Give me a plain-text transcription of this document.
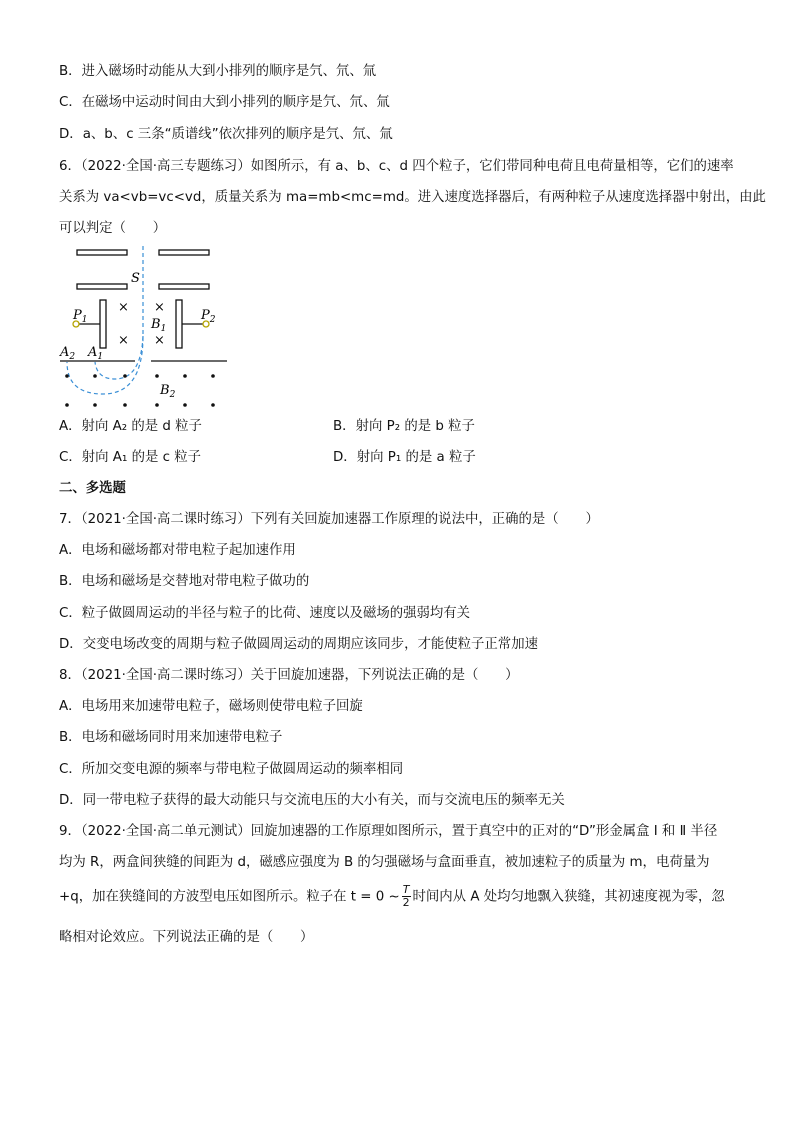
B．进入磁场时动能从大到小排列的顺序是氕、氘、氚
C．在磁场中运动时间由大到小排列的顺序是氕、氘、氚
D．a、b、c 三条“质谱线”依次排列的顺序是氕、氘、氚
6．（2022·全国·高三专题练习）如图所示，有 a、b、c、d 四个粒子，它们带同种电荷且电荷量相等，它们的速率
关系为 va<vb=vc<vd，质量关系为 ma=mb<mc=md。进入速度选择器后，有两种粒子从速度选择器中射出，由此
可以判定（　　）
S
$P_1$	$P_2$
×
×
×
×
$B_1$
$A_2$ $A_1$
$B_2$
A．射向 A₂ 的是 d 粒子	B．射向 P₂ 的是 b 粒子
C．射向 A₁ 的是 c 粒子	D．射向 P₁ 的是 a 粒子
二、多选题
7．（2021·全国·高二课时练习）下列有关回旋加速器工作原理的说法中，正确的是（　　）
A．电场和磁场都对带电粒子起加速作用
B．电场和磁场是交替地对带电粒子做功的
C．粒子做圆周运动的半径与粒子的比荷、速度以及磁场的强弱均有关
D．交变电场改变的周期与粒子做圆周运动的周期应该同步，才能使粒子正常加速
8．（2021·全国·高二课时练习）关于回旋加速器，下列说法正确的是（　　）
A．电场用来加速带电粒子，磁场则使带电粒子回旋
B．电场和磁场同时用来加速带电粒子
C．所加交变电源的频率与带电粒子做圆周运动的频率相同
D．同一带电粒子获得的最大动能只与交流电压的大小有关，而与交流电压的频率无关
9．（2022·全国·高二单元测试）回旋加速器的工作原理如图所示，置于真空中的正对的“D”形金属盒 Ⅰ 和 Ⅱ 半径
均为 R，两盒间狭缝的间距为 d，磁感应强度为 B 的匀强磁场与盒面垂直，被加速粒子的质量为 m，电荷量为
+q，加在狭缝间的方波型电压如图所示。粒子在 t = 0 ~ $\frac{T}{2}$ 时间内从 A 处均匀地飘入狭缝，其初速度视为零，忽
略相对论效应。下列说法正确的是（　　）
